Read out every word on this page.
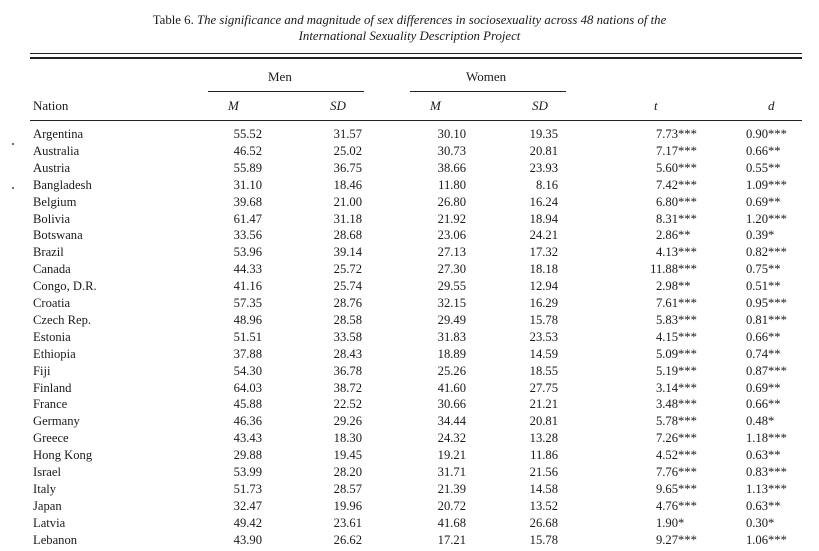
Table 6. The significance and magnitude of sex differences in sociosexuality across 48 nations of the
International Sexuality Description Project
Men	Women
Nation	M	SD	M	SD	t	d
Argentina	55.52	31.57	30.10	19.35	7.73***	0.90***
Australia	46.52	25.02	30.73	20.81	7.17***	0.66**
Austria	55.89	36.75	38.66	23.93	5.60***	0.55**
Bangladesh	31.10	18.46	11.80	8.16	7.42***	1.09***
Belgium	39.68	21.00	26.80	16.24	6.80***	0.69**
Bolivia	61.47	31.18	21.92	18.94	8.31***	1.20***
Botswana	33.56	28.68	23.06	24.21	2.86**	0.39*
Brazil	53.96	39.14	27.13	17.32	4.13***	0.82***
Canada	44.33	25.72	27.30	18.18	11.88***	0.75**
Congo, D.R.	41.16	25.74	29.55	12.94	2.98**	0.51**
Croatia	57.35	28.76	32.15	16.29	7.61***	0.95***
Czech Rep.	48.96	28.58	29.49	15.78	5.83***	0.81***
Estonia	51.51	33.58	31.83	23.53	4.15***	0.66**
Ethiopia	37.88	28.43	18.89	14.59	5.09***	0.74**
Fiji	54.30	36.78	25.26	18.55	5.19***	0.87***
Finland	64.03	38.72	41.60	27.75	3.14***	0.69**
France	45.88	22.52	30.66	21.21	3.48***	0.66**
Germany	46.36	29.26	34.44	20.81	5.78***	0.48*
Greece	43.43	18.30	24.32	13.28	7.26***	1.18***
Hong Kong	29.88	19.45	19.21	11.86	4.52***	0.63**
Israel	53.99	28.20	31.71	21.56	7.76***	0.83***
Italy	51.73	28.57	21.39	14.58	9.65***	1.13***
Japan	32.47	19.96	20.72	13.52	4.76***	0.63**
Latvia	49.42	23.61	41.68	26.68	1.90*	0.30*
Lebanon	43.90	26.62	17.21	15.78	9.27***	1.06***
